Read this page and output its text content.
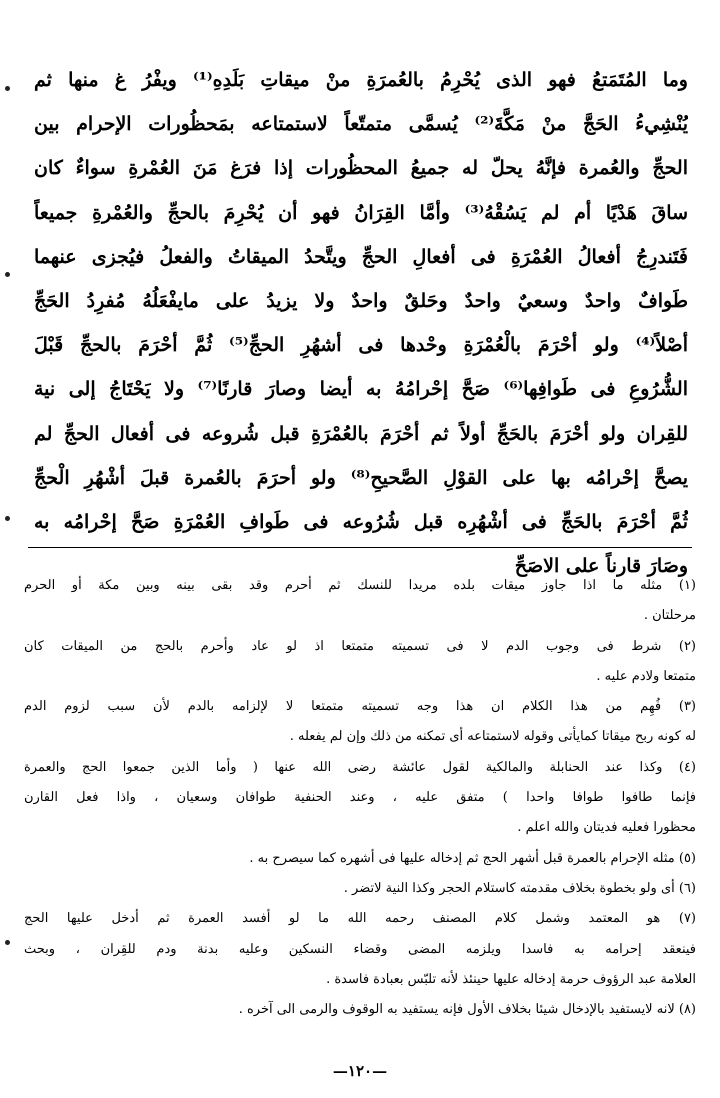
وما المُتَمَتعُ فهو الذى يُحْرِمُ بالعُمرَةِ منْ ميقاتِ بَلَدِهِ⁽¹⁾ ويفْرُ غ منها ثم
يُنْشِيءُ الحَجَّ منْ مَكَّةَ⁽²⁾ يُسمَّى متمتّعاً لاستمتاعه بمَحظُورات الإحرام بين
الحجِّ والعُمرة فإنَّهُ يحلّ له جميعُ المحظُورات إذا فرَغ مَنَ العُمْرةِ سواءٌ كان
ساقَ هَدْيًا أم لم يَسُقْهُ⁽³⁾ وأمَّا القِرَانُ فهو أن يُحْرِمَ بالحجِّ والعُمْرةِ جميعاً
فَتَندرِجُ أفعالُ العُمْرَةِ فى أفعالِ الحجِّ ويتَّحدُ الميقاتُ والفعلُ فيُجزى عنهما
طَوافٌ واحدٌ وسعيٌ واحدٌ وحَلقٌ واحدٌ ولا يزيدُ على مايفْعَلُهُ مُفرِدُ الحَجِّ
أصْلاً⁽⁴⁾ ولو أحْرَمَ بالْعُمْرَةِ وحْدها فى أشهُرِ الحجِّ⁽⁵⁾ ثُمَّ أحْرَمَ بالحجِّ قَبْلَ
الشُّرُوعِ فى طَوافِها⁽⁶⁾ صَحَّ إحْرامُهُ به أيضا وصارَ قارنًا⁽⁷⁾ ولا يَحْتَاجُ إلى نية
للقِران ولو أحْرَمَ بالحَجِّ أولاً ثم أحْرَمَ بالعُمْرَةِ قبل شُروعه فى أفعال الحجِّ لم
يصحَّ إحْرامُه بها على القوْلِ الصَّحيحِ⁽⁸⁾ ولو أحرَمَ بالعُمرة قبلَ أشْهُرِ الْحجِّ
ثُمَّ أحْرَمَ بالحَجِّ فى أشْهُرِه قبل شُرُوعه فى طَوافِ العُمْرَةِ صَحَّ إحْرامُه به
وصَارَ قارناً على الاصَحِّ
(١) مثله ما اذا جاوز ميقات بلده مريدا للنسك ثم أحرم وقد بقى بينه وبين مكة أو الحرم
مرحلتان .
(٢) شرط فى وجوب الدم لا فى تسميته متمتعا اذ لو عاد وأحرم بالحج من الميقات كان
متمتعا ولادم عليه .
(٣) فُهِم من هذا الكلام ان هذا وجه تسميته متمتعا لا لإلزامه بالدم لأن سبب لزوم الدم
له كونه ربح ميقاتا كمايأتى وقوله لاستمتاعه أى تمكنه من ذلك وإن لم يفعله .
(٤) وكذا عند الحنابلة والمالكية لقول عائشة رضى الله عنها ( وأما الذين جمعوا الحج والعمرة
فإنما طافوا طوافا واحدا ) متفق عليه ، وعند الحنفية طوافان وسعيان ، واذا فعل القارن
محظورا فعليه فديتان والله اعلم .
(٥) مثله الإحرام بالعمرة قبل أشهر الحج ثم إدخاله عليها فى أشهره كما سيصرح به .
(٦) أى ولو بخطوة بخلاف مقدمته كاستلام الحجر وكذا النية لاتضر .
(٧) هو المعتمد وشمل كلام المصنف رحمه الله ما لو أفسد العمرة ثم أدخل عليها الحج
فينعقد إحرامه به فاسدا ويلزمه المضى وقضاء النسكين وعليه بدنة ودم للقِران ، وبحث
العلامة عبد الرؤوف حرمة إدخاله عليها حينئذ لأنه تلبّس بعبادة فاسدة .
(٨) لانه لايستفيد بالإدخال شيئا بخلاف الأول فإنه يستفيد به الوقوف والرمى الى آخره .
—١٢٠—
